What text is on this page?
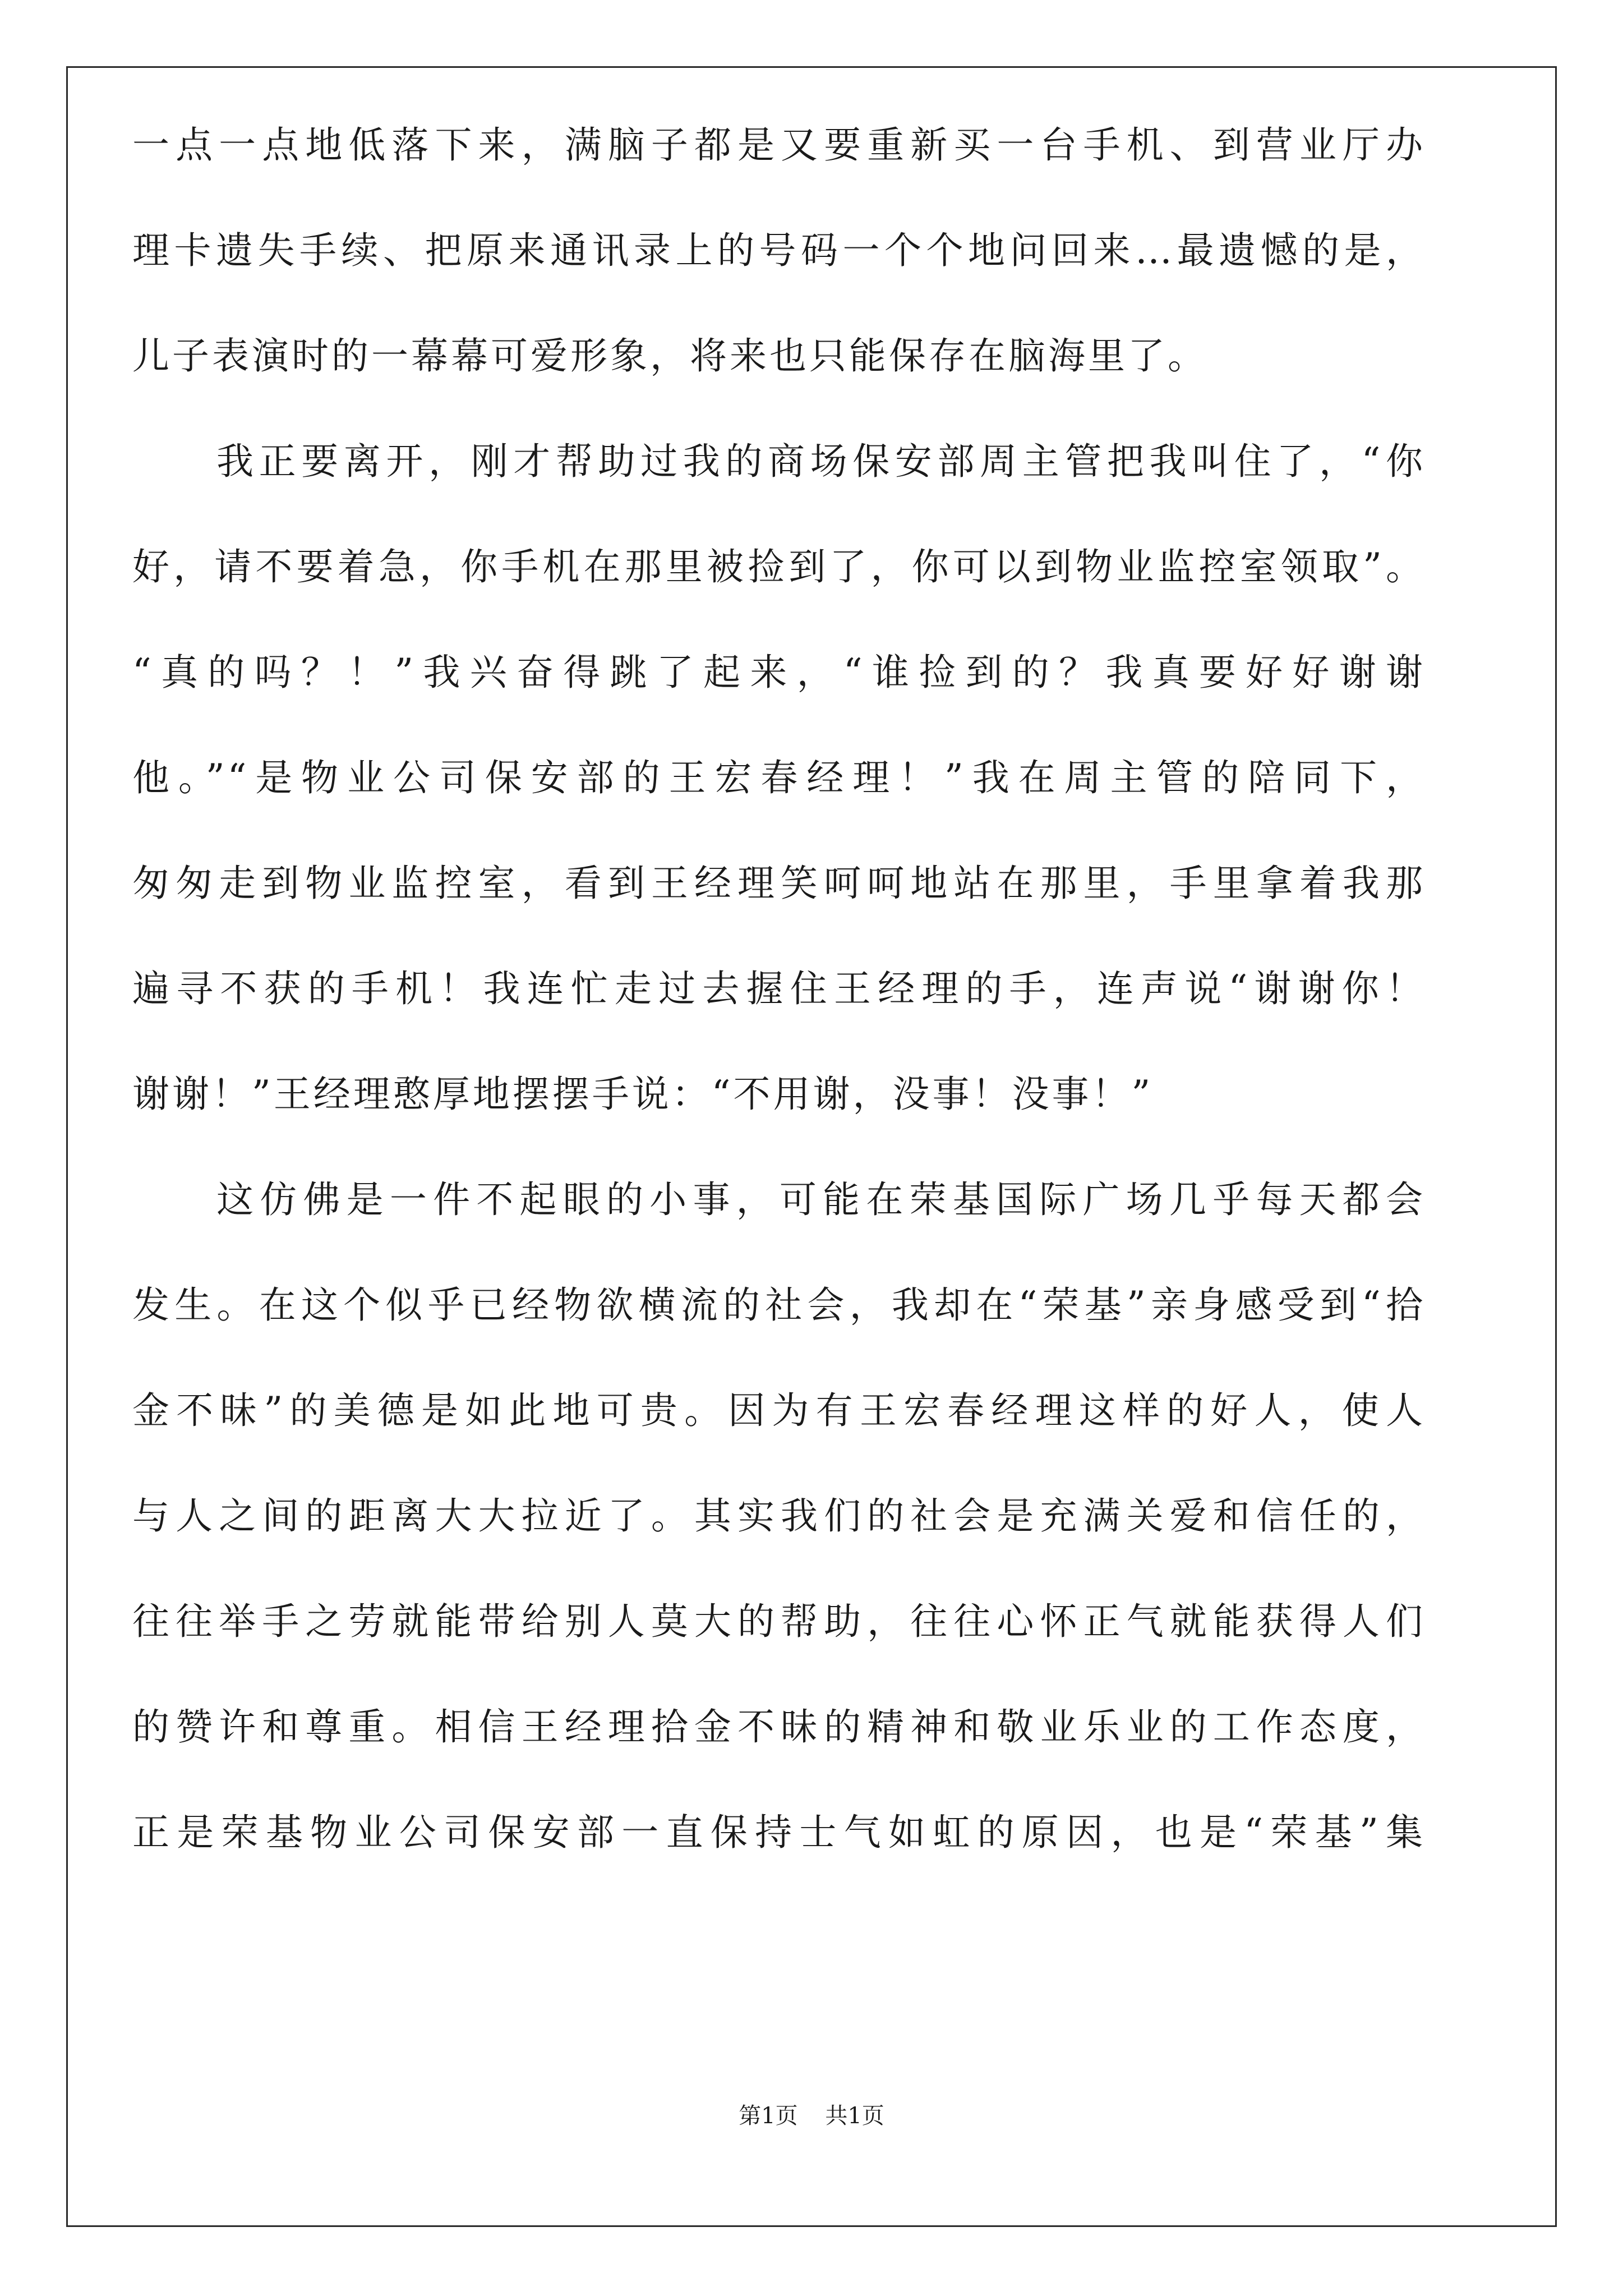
一点一点地低落下来，满脑子都是又要重新买一台手机、到营业厅办
理卡遗失手续、把原来通讯录上的号码一个个地问回来…最遗憾的是，
儿子表演时的一幕幕可爱形象，将来也只能保存在脑海里了。
我正要离开，刚才帮助过我的商场保安部周主管把我叫住了，“你
好，请不要着急，你手机在那里被捡到了，你可以到物业监控室领取”。
“真的吗？！”我兴奋得跳了起来，“谁捡到的？我真要好好谢谢
他。”“是物业公司保安部的王宏春经理！”我在周主管的陪同下，
匆匆走到物业监控室，看到王经理笑呵呵地站在那里，手里拿着我那
遍寻不获的手机！我连忙走过去握住王经理的手，连声说“谢谢你！
谢谢！”王经理憨厚地摆摆手说：“不用谢，没事！没事！”
这仿佛是一件不起眼的小事，可能在荣基国际广场几乎每天都会
发生。在这个似乎已经物欲横流的社会，我却在“荣基”亲身感受到“拾
金不昧”的美德是如此地可贵。因为有王宏春经理这样的好人，使人
与人之间的距离大大拉近了。其实我们的社会是充满关爱和信任的，
往往举手之劳就能带给别人莫大的帮助，往往心怀正气就能获得人们
的赞许和尊重。相信王经理拾金不昧的精神和敬业乐业的工作态度，
正是荣基物业公司保安部一直保持士气如虹的原因，也是“荣基”集
第1页 共1页
